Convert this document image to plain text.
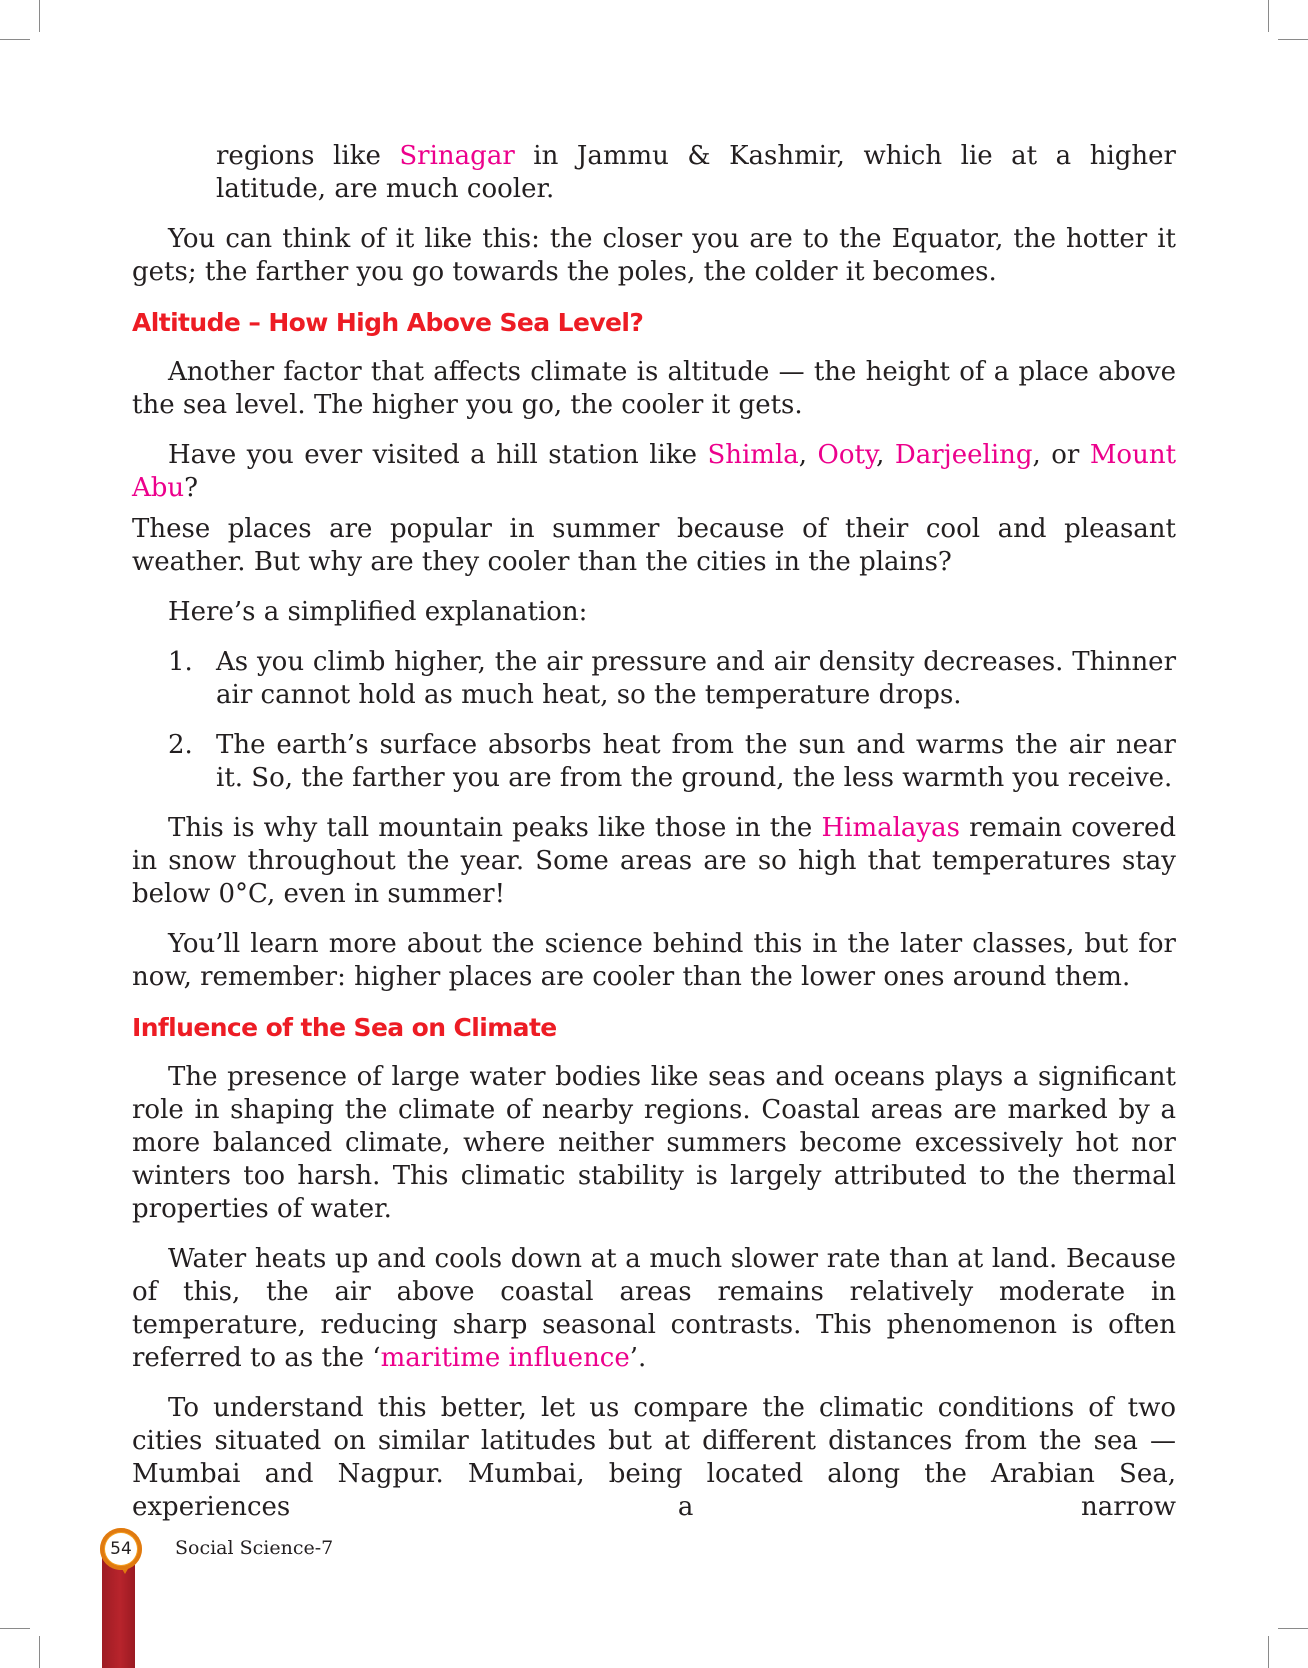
regions like Srinagar in Jammu & Kashmir, which lie at a higher latitude, are much cooler.

You can think of it like this: the closer you are to the Equator, the hotter it gets; the farther you go towards the poles, the colder it becomes.

Altitude – How High Above Sea Level?

Another factor that affects climate is altitude — the height of a place above the sea level. The higher you go, the cooler it gets.

Have you ever visited a hill station like Shimla, Ooty, Darjeeling, or Mount Abu?

These places are popular in summer because of their cool and pleasant weather. But why are they cooler than the cities in the plains?

Here’s a simplified explanation:

1. As you climb higher, the air pressure and air density decreases. Thinner air cannot hold as much heat, so the temperature drops.
2. The earth’s surface absorbs heat from the sun and warms the air near it. So, the farther you are from the ground, the less warmth you receive.

This is why tall mountain peaks like those in the Himalayas remain covered in snow throughout the year. Some areas are so high that temperatures stay below 0°C, even in summer!

You’ll learn more about the science behind this in the later classes, but for now, remember: higher places are cooler than the lower ones around them.

Influence of the Sea on Climate

The presence of large water bodies like seas and oceans plays a significant role in shaping the climate of nearby regions. Coastal areas are marked by a more balanced climate, where neither summers become excessively hot nor winters too harsh. This climatic stability is largely attributed to the thermal properties of water.

Water heats up and cools down at a much slower rate than at land. Because of this, the air above coastal areas remains relatively moderate in temperature, reducing sharp seasonal contrasts. This phenomenon is often referred to as the ‘maritime influence’.

To understand this better, let us compare the climatic conditions of two cities situated on similar latitudes but at different distances from the sea — Mumbai and Nagpur. Mumbai, being located along the Arabian Sea, experiences a narrow

54 Social Science-7
